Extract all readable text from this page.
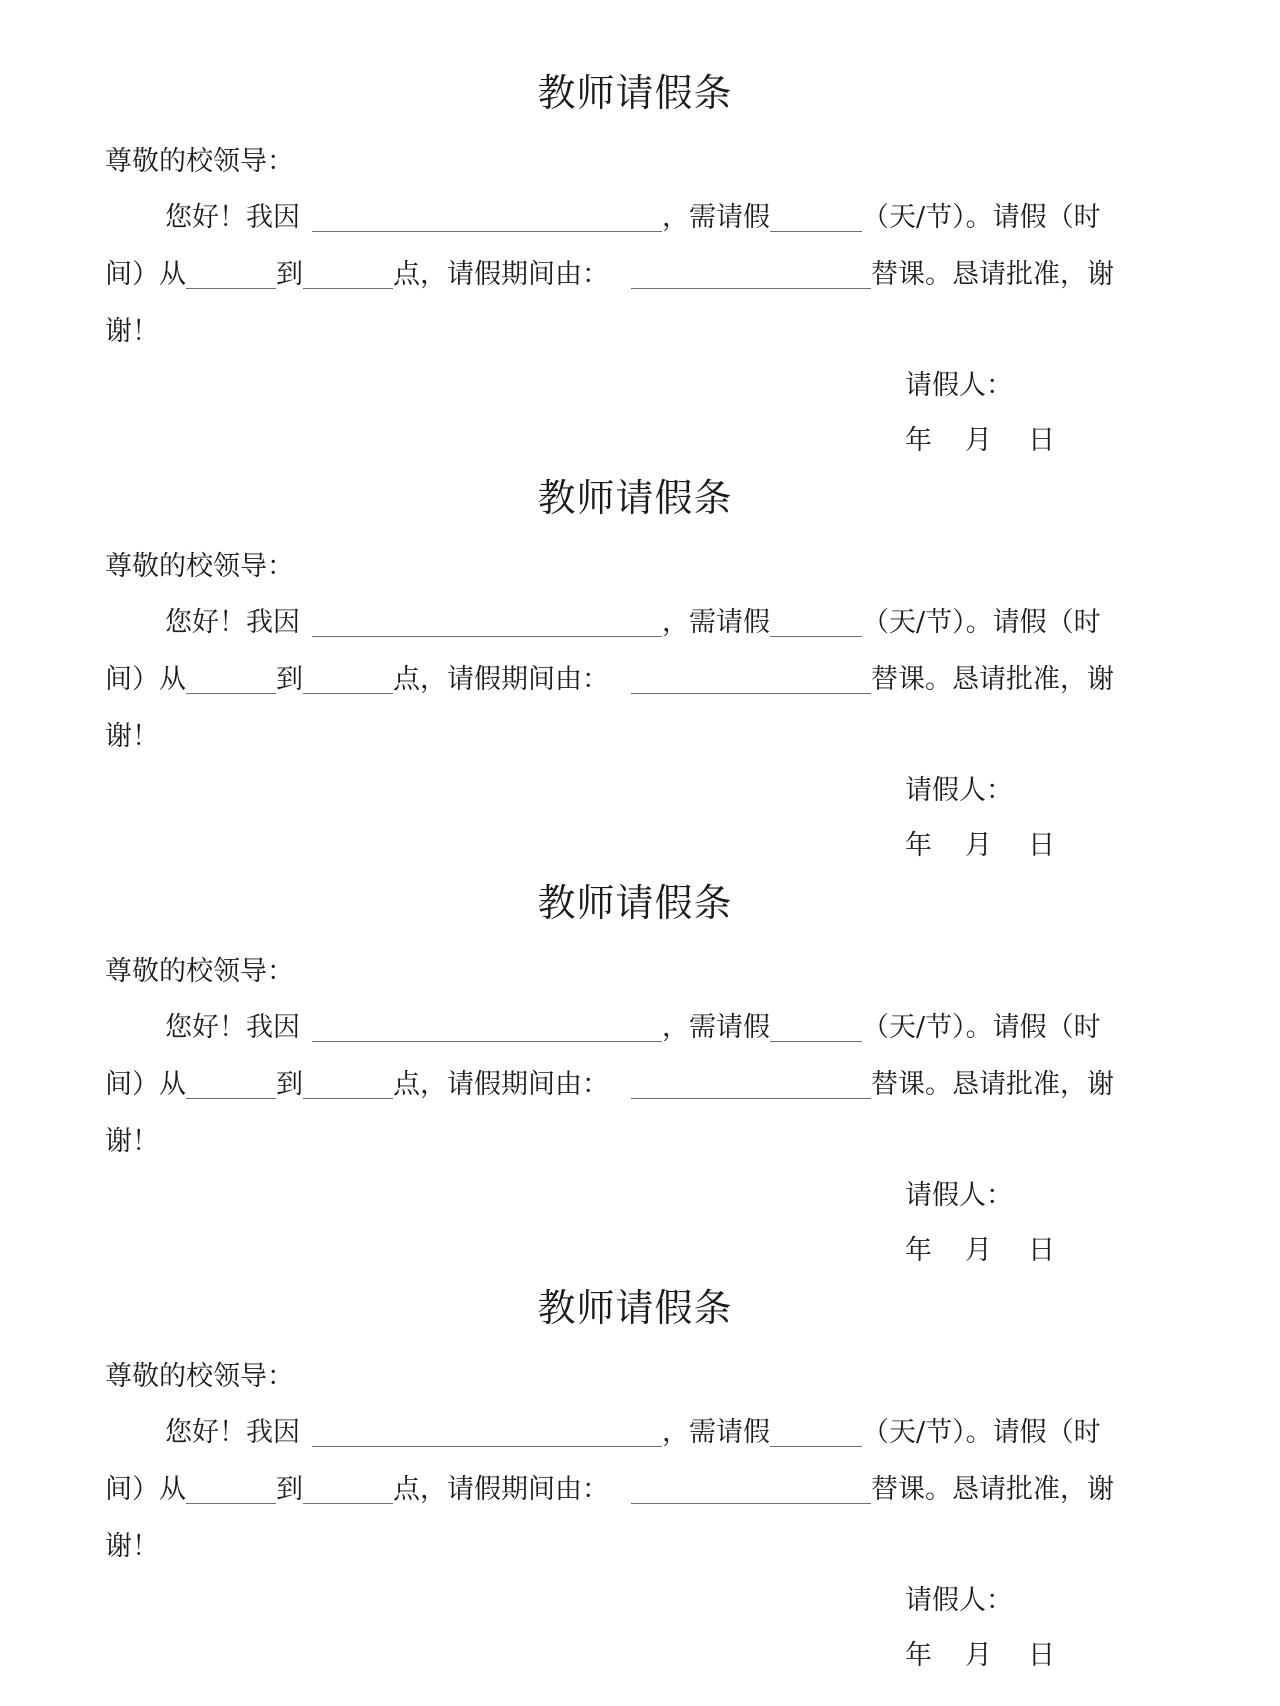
教师请假条
尊敬的校领导：
您好！我因	，需请假	（天/节）。请假（时
间）从	到	点，请假期间由：	替课。恳请批准，谢
谢！
请假人：
年 月 日
教师请假条
尊敬的校领导：
您好！我因	，需请假	（天/节）。请假（时
间）从	到	点，请假期间由：	替课。恳请批准，谢
谢！
请假人：
年 月 日
教师请假条
尊敬的校领导：
您好！我因	，需请假	（天/节）。请假（时
间）从	到	点，请假期间由：	替课。恳请批准，谢
谢！
请假人：
年 月 日
教师请假条
尊敬的校领导：
您好！我因	，需请假	（天/节）。请假（时
间）从	到	点，请假期间由：	替课。恳请批准，谢
谢！
请假人：
年 月 日
